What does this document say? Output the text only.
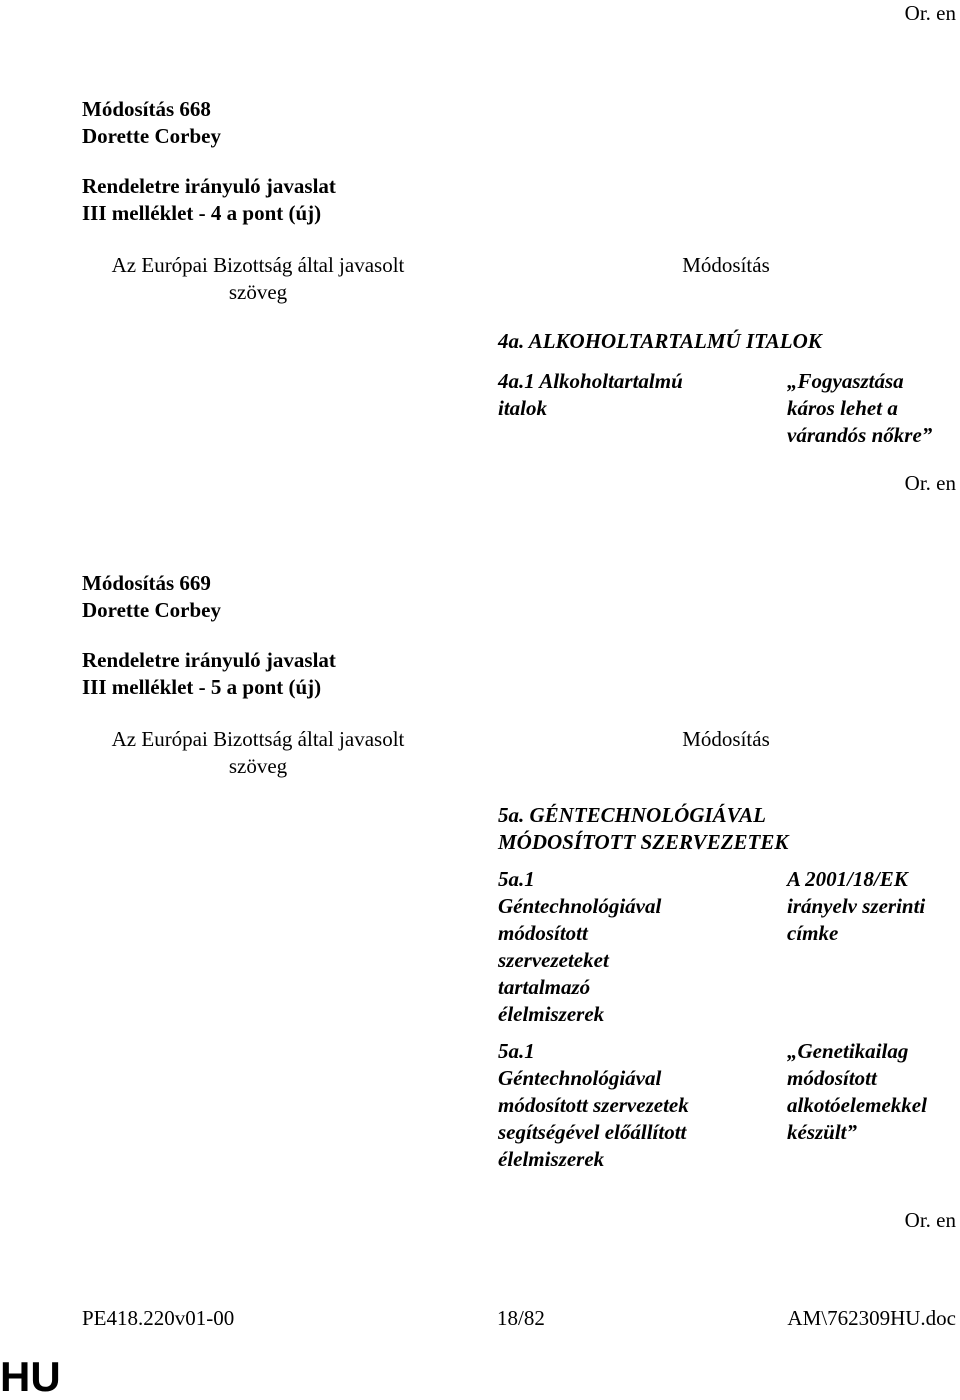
Or. en
Módosítás 668
Dorette Corbey
Rendeletre irányuló javaslat
III melléklet - 4 a pont (új)
Az Európai Bizottság által javasolt
szöveg
Módosítás
4a. ALKOHOLTARTALMÚ ITALOK
4a.1 Alkoholtartalmú
italok
„Fogyasztása
káros lehet a
várandós nőkre”
Or. en
Módosítás 669
Dorette Corbey
Rendeletre irányuló javaslat
III melléklet - 5 a pont (új)
Az Európai Bizottság által javasolt
szöveg
Módosítás
5a. GÉNTECHNOLÓGIÁVAL
MÓDOSÍTOTT SZERVEZETEK
5a.1
Géntechnológiával
módosított
szervezeteket
tartalmazó
élelmiszerek
A 2001/18/EK
irányelv szerinti
címke
5a.1
Géntechnológiával
módosított szervezetek
segítségével előállított
élelmiszerek
„Genetikailag
módosított
alkotóelemekkel
készült”
Or. en
PE418.220v01-00	18/82	AM\762309HU.doc
HU
